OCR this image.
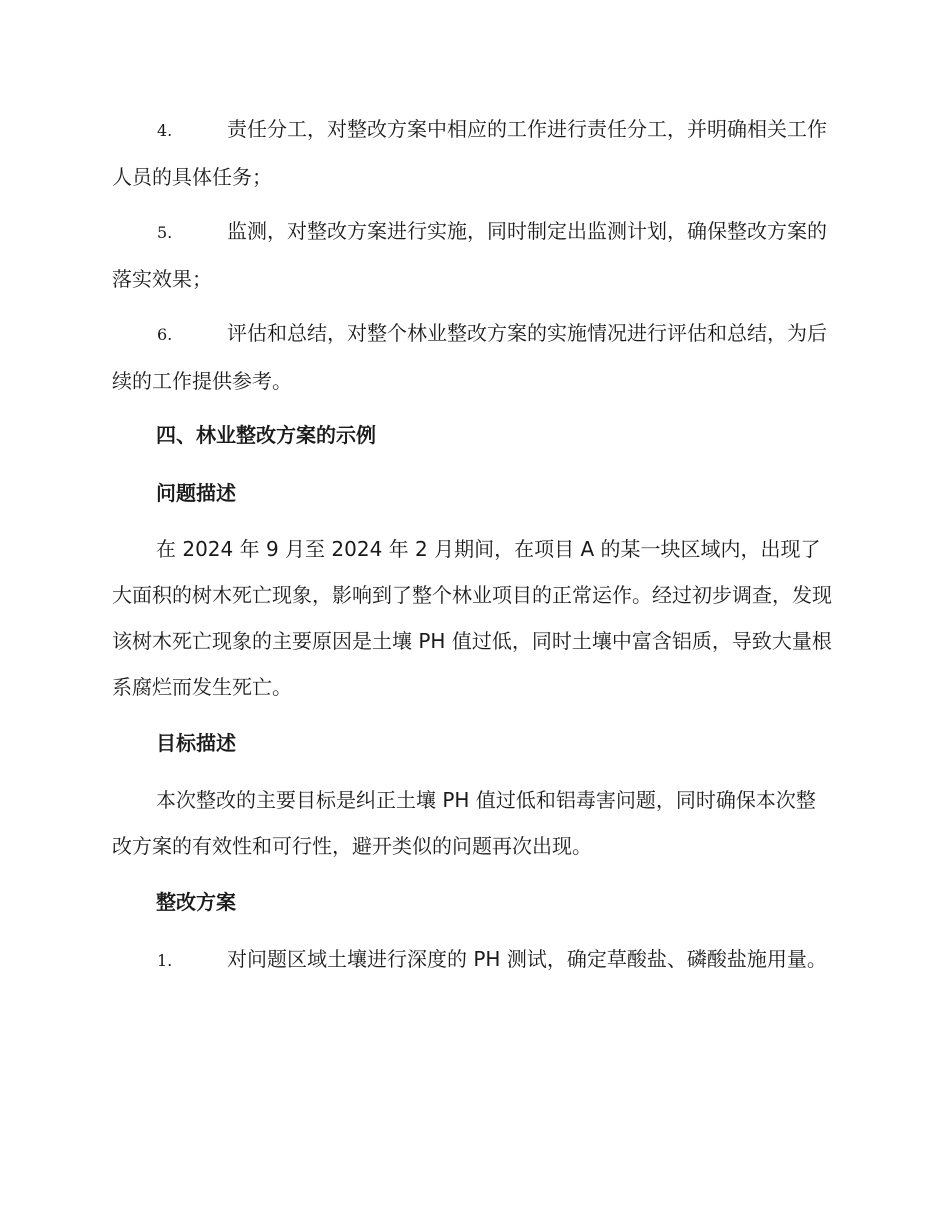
4.	责任分工，对整改方案中相应的工作进行责任分工，并明确相关工作人员的具体任务；
5.	监测，对整改方案进行实施，同时制定出监测计划，确保整改方案的落实效果；
6.	评估和总结，对整个林业整改方案的实施情况进行评估和总结，为后续的工作提供参考。
四、林业整改方案的示例
问题描述
在 2024 年 9 月至 2024 年 2 月期间，在项目 A 的某一块区域内，出现了大面积的树木死亡现象，影响到了整个林业项目的正常运作。经过初步调查，发现该树木死亡现象的主要原因是土壤 PH 值过低，同时土壤中富含铝质，导致大量根系腐烂而发生死亡。
目标描述
本次整改的主要目标是纠正土壤 PH 值过低和铝毒害问题，同时确保本次整改方案的有效性和可行性，避开类似的问题再次出现。
整改方案
1.	对问题区域土壤进行深度的 PH 测试，确定草酸盐、磷酸盐施用量。
